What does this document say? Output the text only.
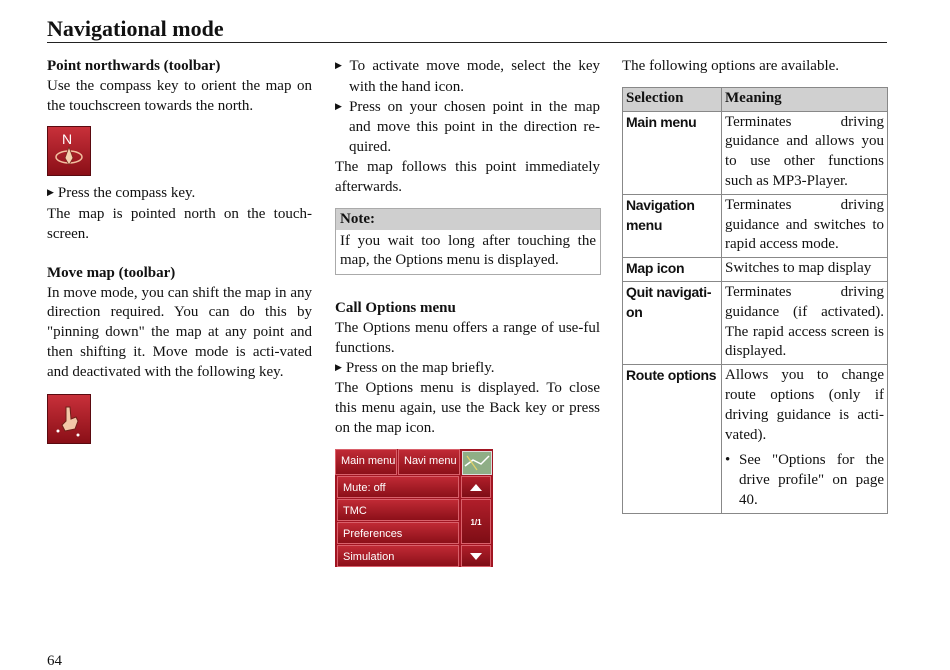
Navigational mode

Point northwards (toolbar)

Use the compass key to orient the map on the touchscreen towards the north.

N

▶ Press the compass key.

The map is pointed north on the touch-screen.

Move map (toolbar)

In move mode, you can shift the map in any direction required. You can do this by "pinning down" the map at any point and then shifting it. Move mode is acti-vated and deactivated with the following key.

▶ To activate move mode, select the key with the hand icon.

▶ Press on your chosen point in the map and move this point in the direction re-quired.

The map follows this point immediately afterwards.

Note:
If you wait too long after touching the map, the Options menu is displayed.

Call Options menu

The Options menu offers a range of use-ful functions.

▶ Press on the map briefly.

The Options menu is displayed. To close this menu again, use the Back key or press on the map icon.

Main menu Navi menu
Mute: off
TMC
Preferences
Simulation
1/1

The following options are available.

Selection	Meaning
Main menu	Terminates driving guidance and allows you to use other functions such as MP3-Player.
Navigation menu	Terminates driving guidance and switches to rapid access mode.
Map icon	Switches to map display
Quit navigati-on	Terminates driving guidance (if activated). The rapid access screen is displayed.
Route options	Allows you to change route options (only if driving guidance is acti-vated).
• See "Options for the drive profile" on page 40.
64
